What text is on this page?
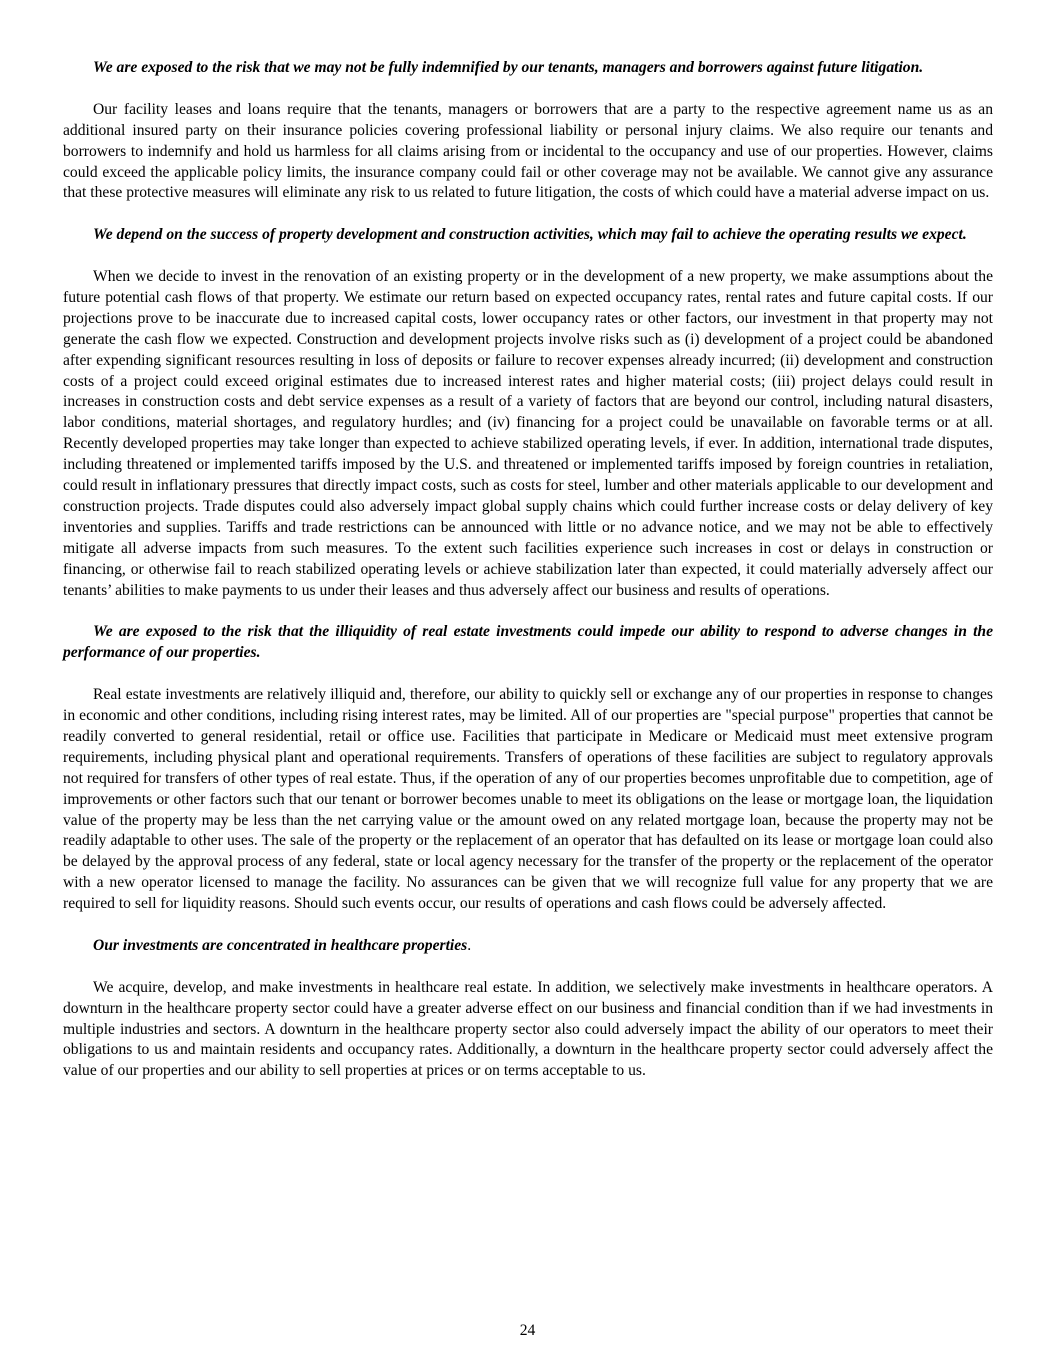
We are exposed to the risk that we may not be fully indemnified by our tenants, managers and borrowers against future litigation.

Our facility leases and loans require that the tenants, managers or borrowers that are a party to the respective agreement name us as an additional insured party on their insurance policies covering professional liability or personal injury claims. We also require our tenants and borrowers to indemnify and hold us harmless for all claims arising from or incidental to the occupancy and use of our properties. However, claims could exceed the applicable policy limits, the insurance company could fail or other coverage may not be available. We cannot give any assurance that these protective measures will eliminate any risk to us related to future litigation, the costs of which could have a material adverse impact on us.

We depend on the success of property development and construction activities, which may fail to achieve the operating results we expect.

When we decide to invest in the renovation of an existing property or in the development of a new property, we make assumptions about the future potential cash flows of that property. We estimate our return based on expected occupancy rates, rental rates and future capital costs. If our projections prove to be inaccurate due to increased capital costs, lower occupancy rates or other factors, our investment in that property may not generate the cash flow we expected. Construction and development projects involve risks such as (i) development of a project could be abandoned after expending significant resources resulting in loss of deposits or failure to recover expenses already incurred; (ii) development and construction costs of a project could exceed original estimates due to increased interest rates and higher material costs; (iii) project delays could result in increases in construction costs and debt service expenses as a result of a variety of factors that are beyond our control, including natural disasters, labor conditions, material shortages, and regulatory hurdles; and (iv) financing for a project could be unavailable on favorable terms or at all. Recently developed properties may take longer than expected to achieve stabilized operating levels, if ever. In addition, international trade disputes, including threatened or implemented tariffs imposed by the U.S. and threatened or implemented tariffs imposed by foreign countries in retaliation, could result in inflationary pressures that directly impact costs, such as costs for steel, lumber and other materials applicable to our development and construction projects. Trade disputes could also adversely impact global supply chains which could further increase costs or delay delivery of key inventories and supplies. Tariffs and trade restrictions can be announced with little or no advance notice, and we may not be able to effectively mitigate all adverse impacts from such measures. To the extent such facilities experience such increases in cost or delays in construction or financing, or otherwise fail to reach stabilized operating levels or achieve stabilization later than expected, it could materially adversely affect our tenants’ abilities to make payments to us under their leases and thus adversely affect our business and results of operations.

We are exposed to the risk that the illiquidity of real estate investments could impede our ability to respond to adverse changes in the performance of our properties.

Real estate investments are relatively illiquid and, therefore, our ability to quickly sell or exchange any of our properties in response to changes in economic and other conditions, including rising interest rates, may be limited. All of our properties are "special purpose" properties that cannot be readily converted to general residential, retail or office use. Facilities that participate in Medicare or Medicaid must meet extensive program requirements, including physical plant and operational requirements. Transfers of operations of these facilities are subject to regulatory approvals not required for transfers of other types of real estate. Thus, if the operation of any of our properties becomes unprofitable due to competition, age of improvements or other factors such that our tenant or borrower becomes unable to meet its obligations on the lease or mortgage loan, the liquidation value of the property may be less than the net carrying value or the amount owed on any related mortgage loan, because the property may not be readily adaptable to other uses. The sale of the property or the replacement of an operator that has defaulted on its lease or mortgage loan could also be delayed by the approval process of any federal, state or local agency necessary for the transfer of the property or the replacement of the operator with a new operator licensed to manage the facility. No assurances can be given that we will recognize full value for any property that we are required to sell for liquidity reasons. Should such events occur, our results of operations and cash flows could be adversely affected.

Our investments are concentrated in healthcare properties.

We acquire, develop, and make investments in healthcare real estate. In addition, we selectively make investments in healthcare operators. A downturn in the healthcare property sector could have a greater adverse effect on our business and financial condition than if we had investments in multiple industries and sectors. A downturn in the healthcare property sector also could adversely impact the ability of our operators to meet their obligations to us and maintain residents and occupancy rates. Additionally, a downturn in the healthcare property sector could adversely affect the value of our properties and our ability to sell properties at prices or on terms acceptable to us.

24
